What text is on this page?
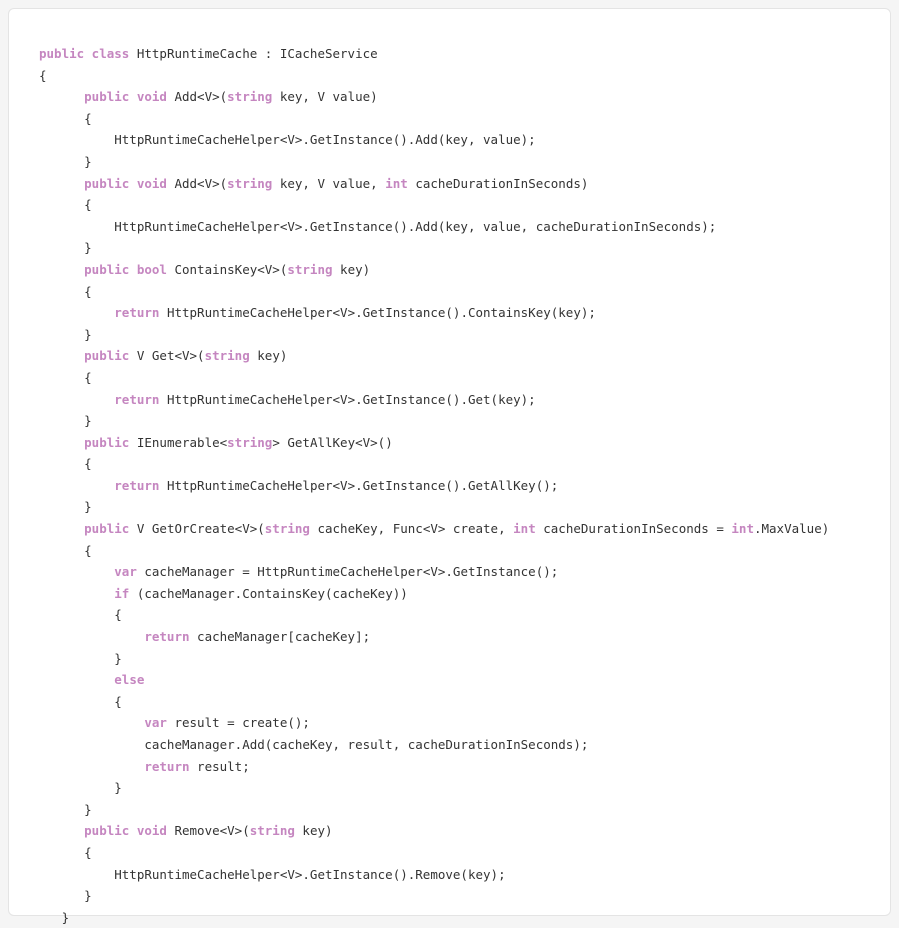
public class HttpRuntimeCache : ICacheService
{
public void Add<V>(string key, V value)
{
HttpRuntimeCacheHelper<V>.GetInstance().Add(key, value);
}
public void Add<V>(string key, V value, int cacheDurationInSeconds)
{
HttpRuntimeCacheHelper<V>.GetInstance().Add(key, value, cacheDurationInSeconds);
}
public bool ContainsKey<V>(string key)
{
return HttpRuntimeCacheHelper<V>.GetInstance().ContainsKey(key);
}
public V Get<V>(string key)
{
return HttpRuntimeCacheHelper<V>.GetInstance().Get(key);
}
public IEnumerable<string> GetAllKey<V>()
{
return HttpRuntimeCacheHelper<V>.GetInstance().GetAllKey();
}
public V GetOrCreate<V>(string cacheKey, Func<V> create, int cacheDurationInSeconds = int.MaxValue)
{
var cacheManager = HttpRuntimeCacheHelper<V>.GetInstance();
if (cacheManager.ContainsKey(cacheKey))
{
return cacheManager[cacheKey];
}
else
{
var result = create();
cacheManager.Add(cacheKey, result, cacheDurationInSeconds);
return result;
}
}
public void Remove<V>(string key)
{
HttpRuntimeCacheHelper<V>.GetInstance().Remove(key);
}
}
